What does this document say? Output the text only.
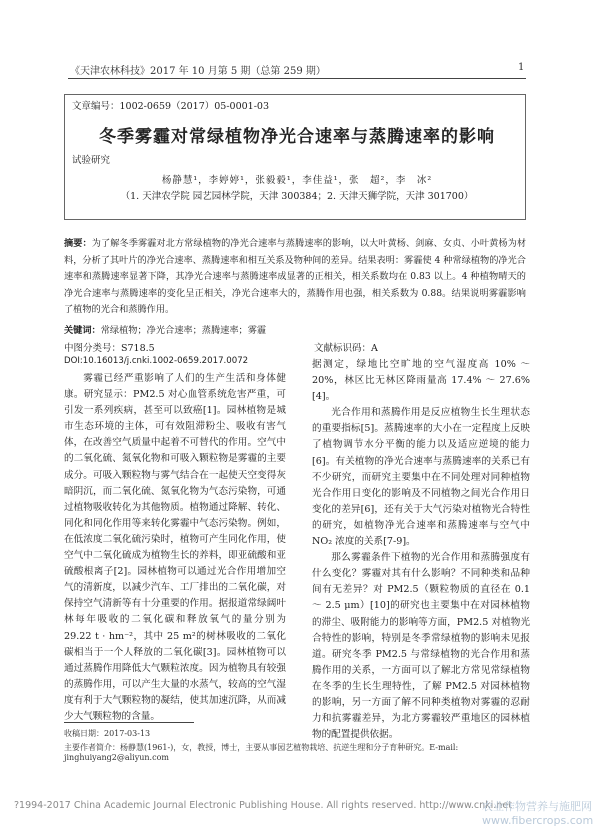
《天津农林科技》2017 年 10 月第 5 期（总第 259 期）	1
文章编号：1002-0659（2017）05-0001-03
冬季雾霾对常绿植物净光合速率与蒸腾速率的影响
试验研究
杨静慧¹，李婷婷¹，张毅毅¹，李佳益¹，张　超²，李　冰²
（1. 天津农学院 园艺园林学院，天津 300384；2. 天津天狮学院，天津 301700）
摘要：为了解冬季雾霾对北方常绿植物的净光合速率与蒸腾速率的影响，以大叶黄杨、剑麻、女贞、小叶黄杨为材料，分析了其叶片的净光合速率、蒸腾速率和相互关系及物种间的差异。结果表明：雾霾使 4 种常绿植物的净光合速率和蒸腾速率显著下降，其净光合速率与蒸腾速率成显著的正相关，相关系数均在 0.83 以上。4 种植物晴天的净光合速率与蒸腾速率的变化呈正相关，净光合速率大的，蒸腾作用也强，相关系数为 0.88。结果说明雾霾影响了植物的光合和蒸腾作用。
关键词：常绿植物；净光合速率；蒸腾速率；雾霾
中图分类号：S718.5	文献标识码：A
DOI:10.16013/j.cnki.1002-0659.2017.0072

雾霾已经严重影响了人们的生产生活和身体健康。研究显示：PM2.5 对心血管系统危害严重，可引发一系列疾病，甚至可以致癌[1]。园林植物是城市生态环境的主体，可有效阻滞粉尘、吸收有害气体，在改善空气质量中起着不可替代的作用。空气中的二氧化硫、氮氧化物和可吸入颗粒物是雾霾的主要成分。可吸入颗粒物与雾气结合在一起使天空变得灰暗阴沉，而二氧化硫、氮氧化物为气态污染物，可通过植物吸收转化为其他物质。植物通过降解、转化、同化和同化作用等来转化雾霾中气态污染物。例如，在低浓度二氧化硫污染时，植物可产生同化作用，使空气中二氧化硫成为植物生长的养料，即亚硫酸和亚硫酸根离子[2]。园林植物可以通过光合作用增加空气的清新度，以减少汽车、工厂排出的二氧化碳，对保持空气清新等有十分重要的作用。据报道常绿阔叶林每年吸收的二氧化碳和释放氧气的量分别为 29.22 t · hm⁻²，其中 25 m²的树林吸收的二氧化碳相当于一个人释放的二氧化碳[3]。园林植物可以通过蒸腾作用降低大气颗粒浓度。因为植物具有较强的蒸腾作用，可以产生大量的水蒸气，较高的空气湿度有利于大气颗粒物的凝结，使其加速沉降，从而减少大气颗粒物的含量。

据测定，绿地比空旷地的空气湿度高 10% ～ 20%，林区比无林区降雨量高 17.4% ～ 27.6%[4]。

光合作用和蒸腾作用是反应植物生长生理状态的重要指标[5]。蒸腾速率的大小在一定程度上反映了植物调节水分平衡的能力以及适应逆境的能力[6]。有关植物的净光合速率与蒸腾速率的关系已有不少研究，而研究主要集中在不同处理对同种植物光合作用日变化的影响及不同植物之间光合作用日变化的差异[6]，还有关于大气污染对植物光合特性的研究，如植物净光合速率和蒸腾速率与空气中 NO₂ 浓度的关系[7-9]。

那么雾霾条件下植物的光合作用和蒸腾强度有什么变化？雾霾对其有什么影响？不同种类和品种间有无差异？对 PM2.5（颗粒物质的直径在 0.1 ～ 2.5 μm）[10]的研究也主要集中在对园林植物的滞尘、吸附能力的影响等方面，PM2.5 对植物光合特性的影响，特别是冬季常绿植物的影响未见报道。研究冬季 PM2.5 与常绿植物的光合作用和蒸腾作用的关系，一方面可以了解北方常见常绿植物在冬季的生长生理特性，了解 PM2.5 对园林植物的影响，另一方面了解不同种类植物对雾霾的忍耐力和抗雾霾差异，为北方雾霾较严重地区的园林植物的配置提供依据。

收稿日期：2017-03-13
主要作者简介：杨静慧(1961-)，女，教授，博士，主要从事园艺植物栽培、抗逆生理和分子育种研究。E-mail: jinghuiyang2@aliyun.com
?1994-2017 China Academic Journal Electronic Publishing House. All rights reserved. http://www.cnki.net
农业作物营养与施肥网 www.fibercrops.com
